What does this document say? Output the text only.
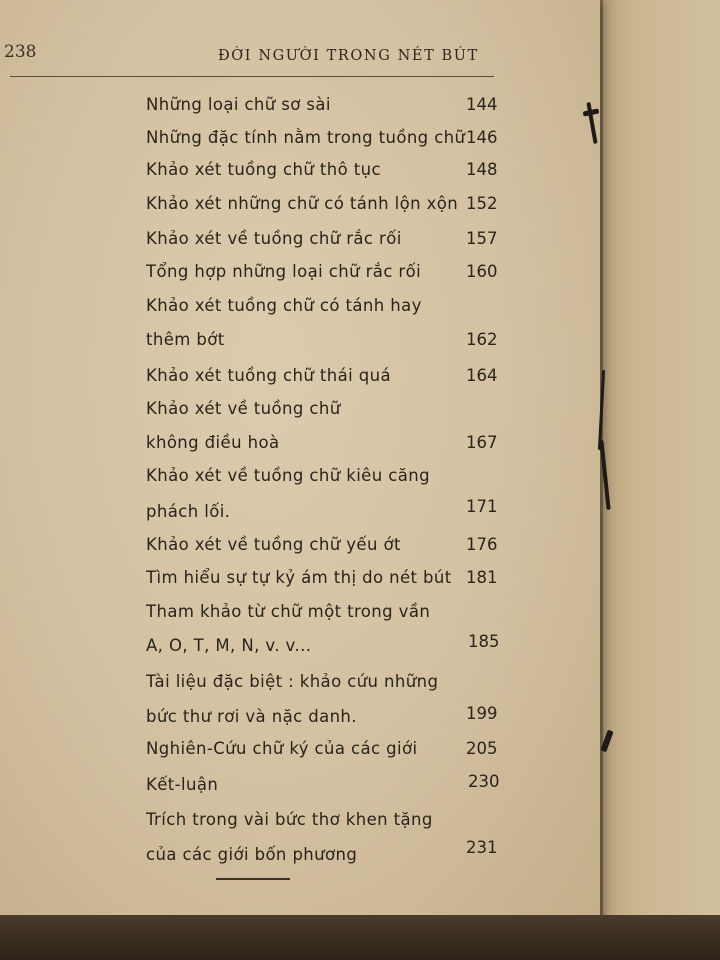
238	ĐỜI NGƯỜI TRONG NÉT BÚT
Những loại chữ sơ sài	144
Những đặc tính nằm trong tuồng chữ 146
Khảo xét tuồng chữ thô tục	148
Khảo xét những chữ có tánh lộn xộn 152
Khảo xét về tuồng chữ rắc rối	157
Tổng hợp những loại chữ rắc rối	160
Khảo xét tuồng chữ có tánh hay
thêm bớt	162
Khảo xét tuồng chữ thái quá	164
Khảo xét về tuồng chữ
không điều hoà	167
Khảo xét về tuồng chữ kiêu căng
phách lối.	171
Khảo xét về tuồng chữ yếu ớt	176
Tìm hiểu sự tự kỷ ám thị do nét bút 181
Tham khảo từ chữ một trong vần
A, O, T, M, N, v. v...	185
Tài liệu đặc biệt : khảo cứu những
bức thư rơi và nặc danh.	199
Nghiên-Cứu chữ ký của các giới	205
Kết-luận	230
Trích trong vài bức thơ khen tặng
của các giới bốn phương	231
